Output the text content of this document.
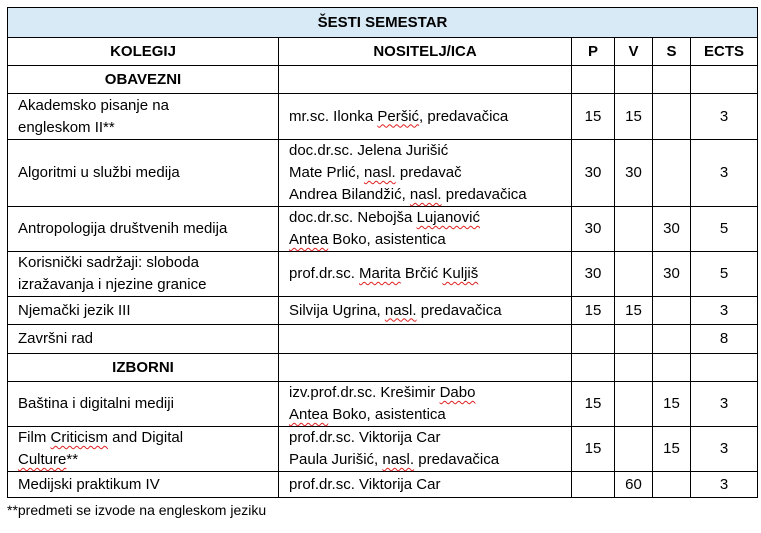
ŠESTI SEMESTAR					
KOLEGIJ	NOSITELJ/ICA	P	V	S	ECTS
OBAVEZNI					

Akademsko pisanje na
engleskom II**	mr.sc. Ilonka Peršić, predavačica	15	15		3
Algoritmi u službi medija	doc.dr.sc. Jelena Jurišić
Mate Prlić, nasl. predavač
Andrea Bilandžić, nasl. predavačica	30	30		3
Antropologija društvenih medija	doc.dr.sc. Nebojša Lujanović
Antea Boko, asistentica	30		30	5

Korisnički sadržaji: sloboda
izražavanja i njezine granice	prof.dr.sc. Marita Brčić Kuljiš	30		30	5
Njemački jezik III	Silvija Ugrina, nasl. predavačica	15	15		3
Završni rad					8
IZBORNI					
Baština i digitalni mediji	izv.prof.dr.sc. Krešimir Dabo
Antea Boko, asistentica	15		15	3

Film Criticism and Digital
Culture**	prof.dr.sc. Viktorija Car
Paula Jurišić, nasl. predavačica	15		15	3
Medijski praktikum IV	prof.dr.sc. Viktorija Car		60		3
**predmeti se izvode na engleskom jeziku
